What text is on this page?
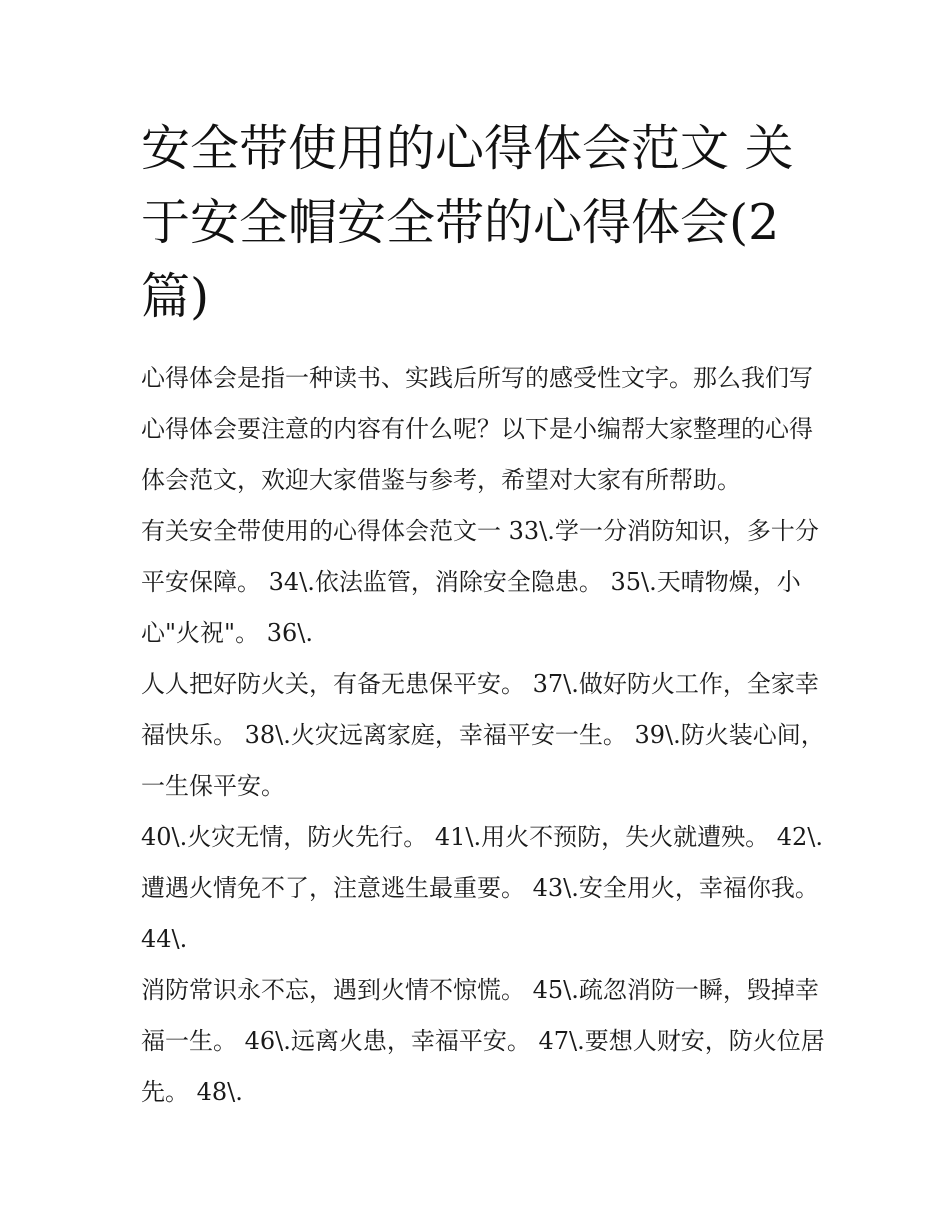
安全带使用的心得体会范文 关于安全帽安全带的心得体会(2篇)

心得体会是指一种读书、实践后所写的感受性文字。那么我们写心得体会要注意的内容有什么呢？以下是小编帮大家整理的心得体会范文，欢迎大家借鉴与参考，希望对大家有所帮助。

有关安全带使用的心得体会范文一 33\.学一分消防知识，多十分平安保障。 34\.依法监管，消除安全隐患。 35\.天晴物燥，小心"火祝"。 36\.

人人把好防火关，有备无患保平安。 37\.做好防火工作，全家幸福快乐。 38\.火灾远离家庭，幸福平安一生。 39\.防火装心间，一生保平安。

40\.火灾无情，防火先行。 41\.用火不预防，失火就遭殃。 42\.遭遇火情免不了，注意逃生最重要。 43\.安全用火，幸福你我。 44\.

消防常识永不忘，遇到火情不惊慌。 45\.疏忽消防一瞬，毁掉幸福一生。 46\.远离火患，幸福平安。 47\.要想人财安，防火位居先。 48\.
